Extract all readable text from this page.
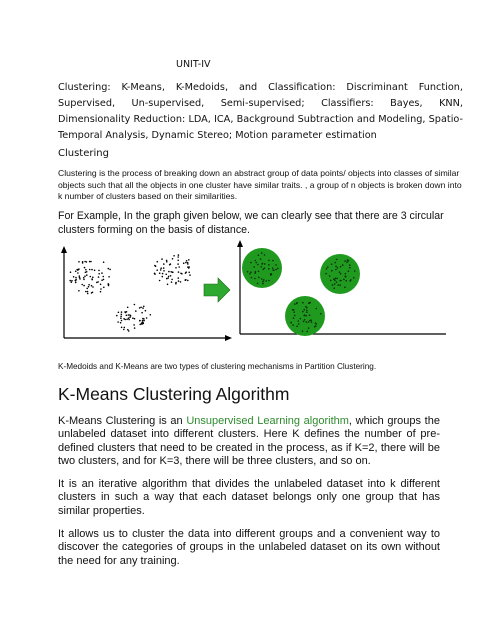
UNIT-IV
Clustering: K-Means, K-Medoids, and Classification: Discriminant Function, Supervised, Un-supervised, Semi-supervised; Classifiers: Bayes, KNN, Dimensionality Reduction: LDA, ICA, Background Subtraction and Modeling, Spatio-Temporal Analysis, Dynamic Stereo; Motion parameter estimation
Clustering
Clustering is the process of breaking down an abstract group of data points/ objects into classes of similar objects such that all the objects in one cluster have similar traits. , a group of n objects is broken down into k number of clusters based on their similarities.
For Example, In the graph given below, we can clearly see that there are 3 circular clusters forming on the basis of distance.
K-Medoids and K-Means are two types of clustering mechanisms in Partition Clustering.
K-Means Clustering Algorithm
K-Means Clustering is an Unsupervised Learning algorithm, which groups the unlabeled dataset into different clusters. Here K defines the number of pre-defined clusters that need to be created in the process, as if K=2, there will be two clusters, and for K=3, there will be three clusters, and so on.
It is an iterative algorithm that divides the unlabeled dataset into k different clusters in such a way that each dataset belongs only one group that has similar properties.
It allows us to cluster the data into different groups and a convenient way to discover the categories of groups in the unlabeled dataset on its own without the need for any training.
